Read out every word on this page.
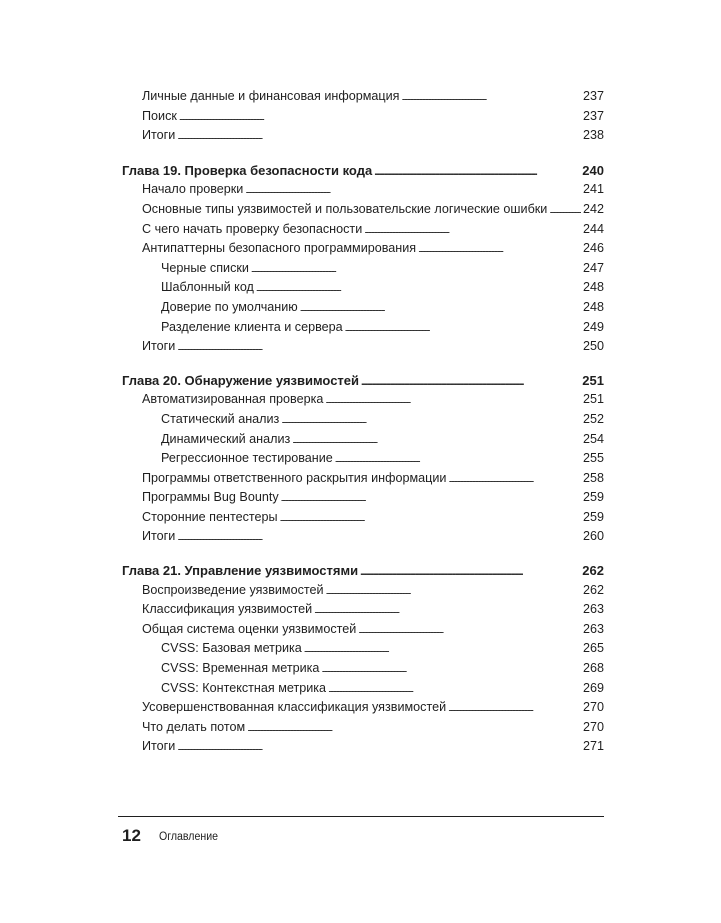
Личные данные и финансовая информация . . .	237
Поиск . . .	237
Итоги . . .	238
Глава 19. Проверка безопасности кода . . .	240
Начало проверки . . .	241
Основные типы уязвимостей и пользовательские логические ошибки . . .	242
С чего начать проверку безопасности . . .	244
Антипаттерны безопасного программирования . . .	246
Черные списки . . .	247
Шаблонный код . . .	248
Доверие по умолчанию . . .	248
Разделение клиента и сервера . . .	249
Итоги . . .	250
Глава 20. Обнаружение уязвимостей . . .	251
Автоматизированная проверка . . .	251
Статический анализ . . .	252
Динамический анализ . . .	254
Регрессионное тестирование . . .	255
Программы ответственного раскрытия информации . . .	258
Программы Bug Bounty . . .	259
Сторонние пентестеры . . .	259
Итоги . . .	260
Глава 21. Управление уязвимостями . . .	262
Воспроизведение уязвимостей . . .	262
Классификация уязвимостей . . .	263
Общая система оценки уязвимостей . . .	263
CVSS: Базовая метрика . . .	265
CVSS: Временная метрика . . .	268
CVSS: Контекстная метрика . . .	269
Усовершенствованная классификация уязвимостей . . .	270
Что делать потом . . .	270
Итоги . . .	271
12 Оглавление
